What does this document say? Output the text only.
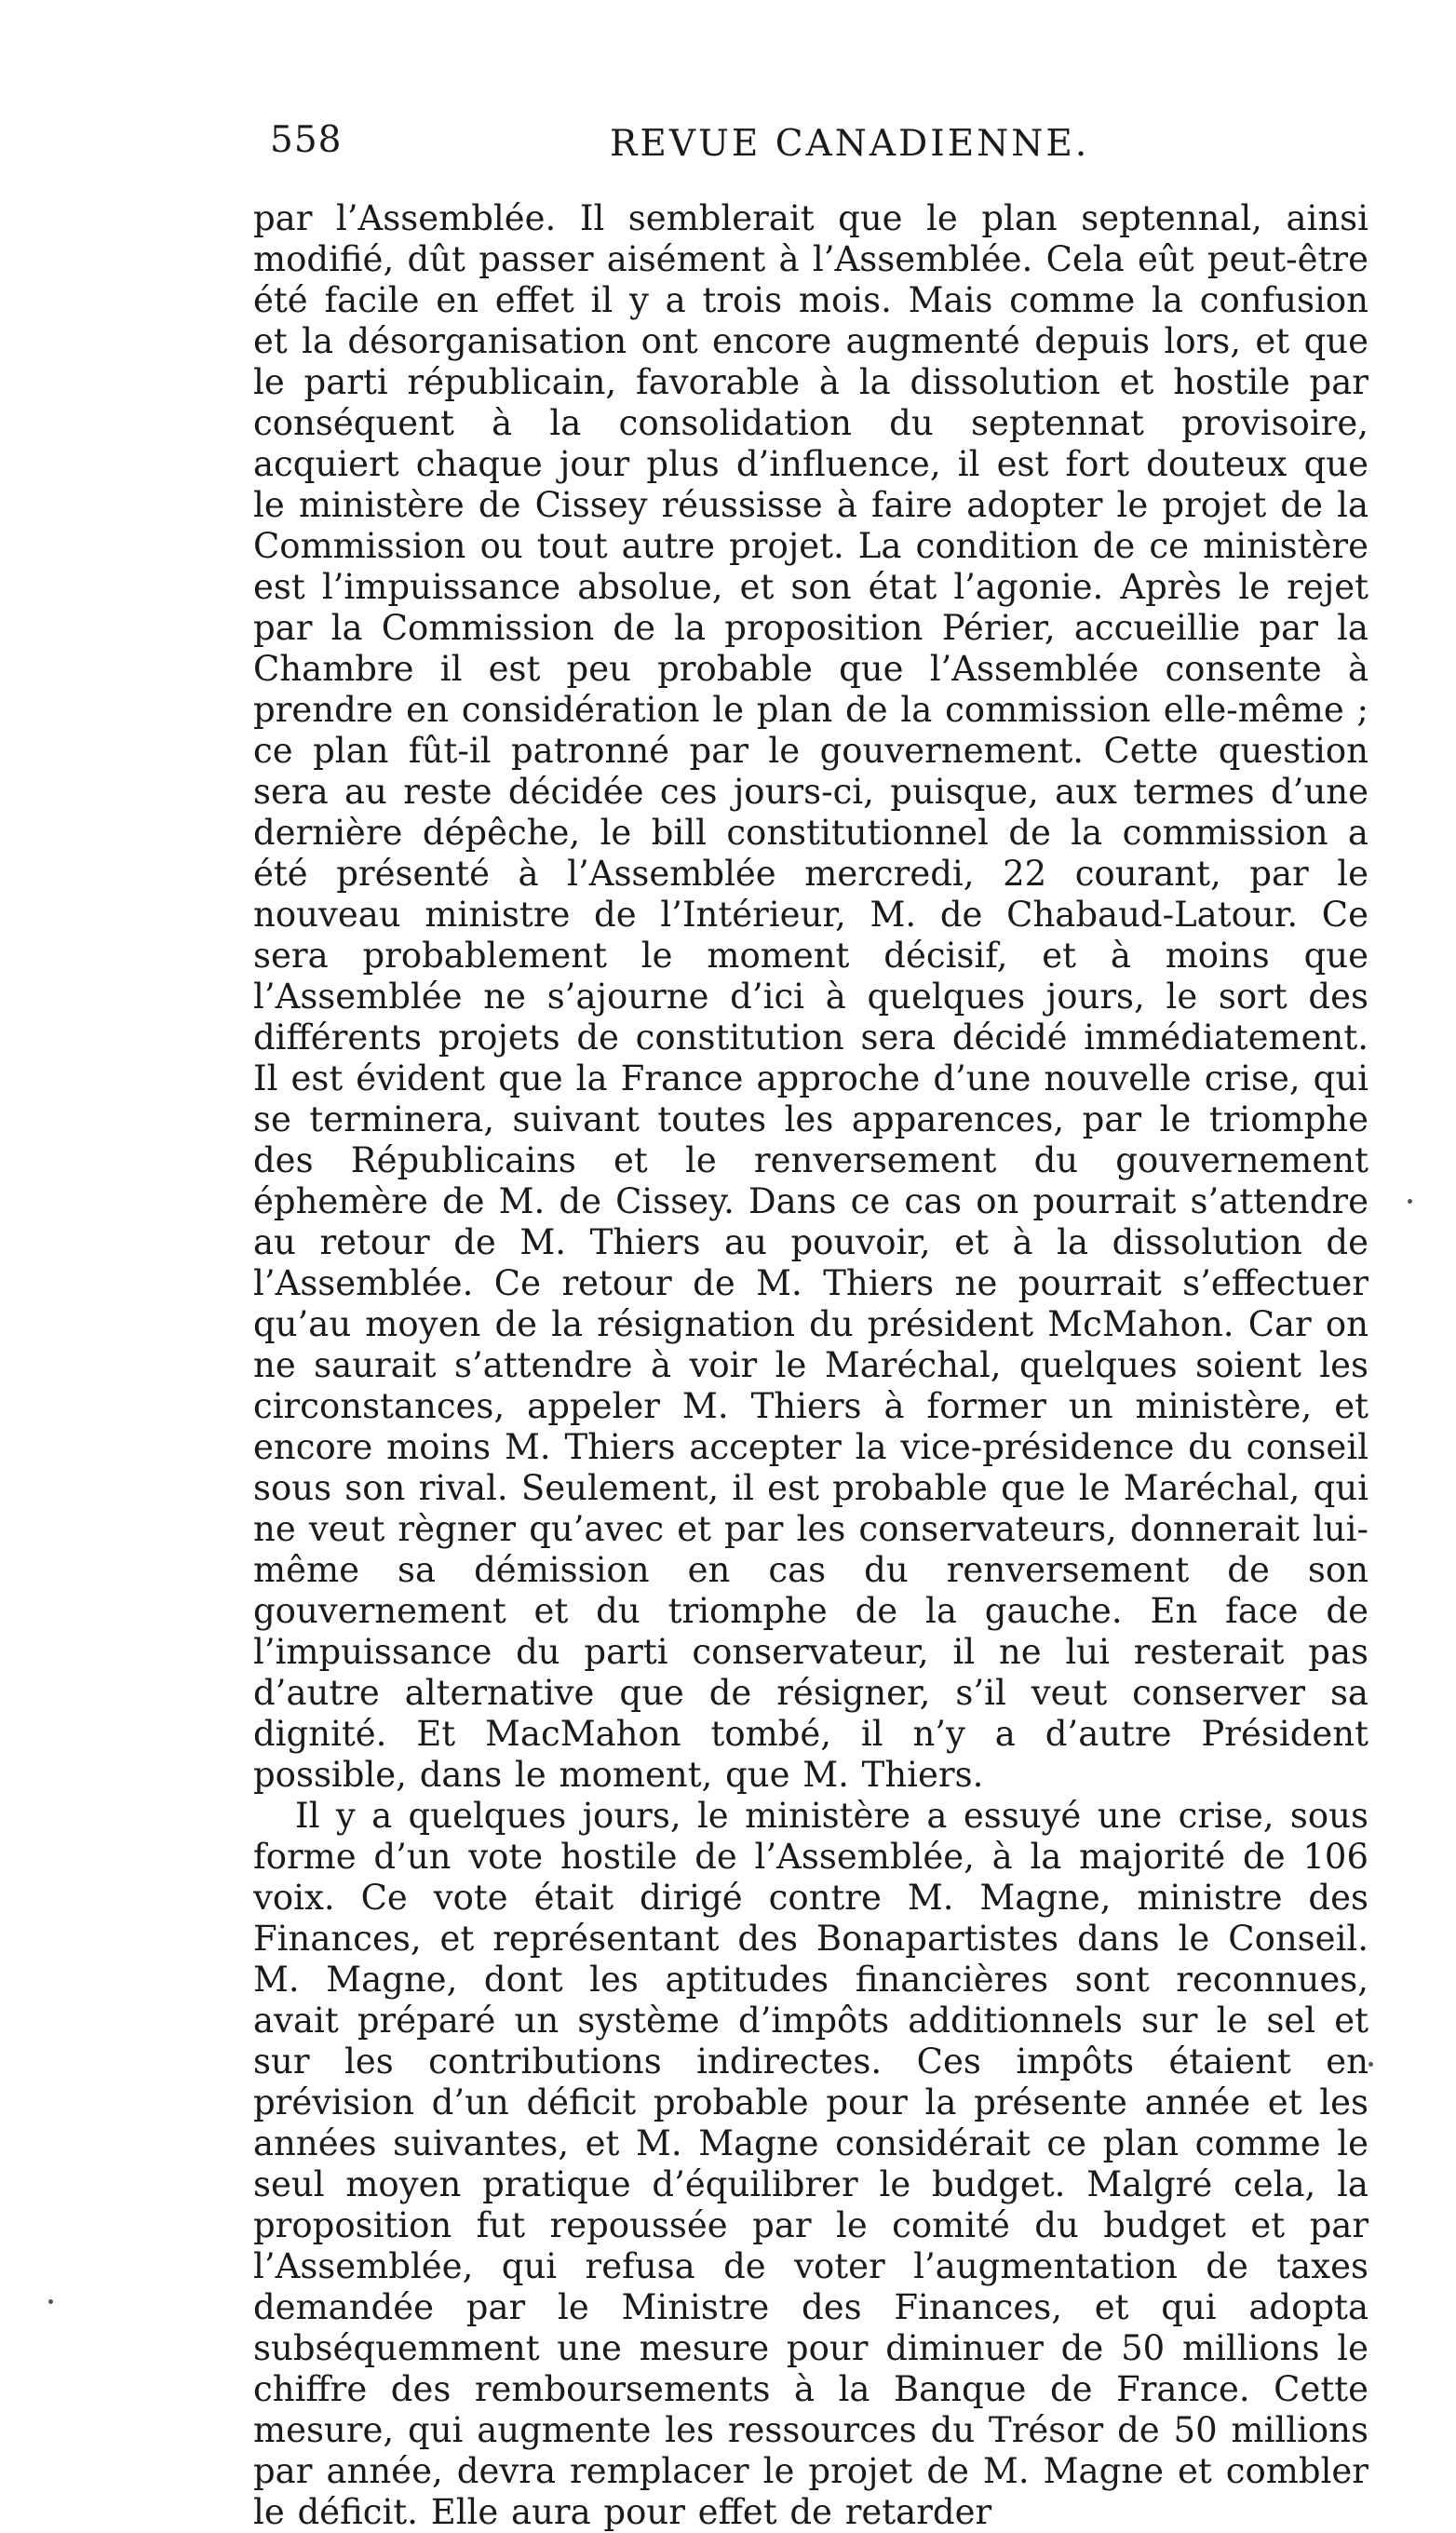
558	REVUE CANADIENNE.

par l’Assemblée. Il semblerait que le plan septennal, ainsi modifié, dût passer aisément à l’Assemblée. Cela eût peut-être été facile en effet il y a trois mois. Mais comme la confusion et la désorganisation ont encore augmenté depuis lors, et que le parti républicain, favorable à la dissolution et hostile par conséquent à la consolidation du septennat provisoire, acquiert chaque jour plus d’influence, il est fort douteux que le ministère de Cissey réussisse à faire adopter le projet de la Commission ou tout autre projet. La condition de ce ministère est l’impuissance absolue, et son état l’agonie. Après le rejet par la Commission de la proposition Périer, accueillie par la Chambre il est peu probable que l’Assemblée consente à prendre en considération le plan de la commission elle-même ; ce plan fût-il patronné par le gouvernement. Cette question sera au reste décidée ces jours-ci, puisque, aux termes d’une dernière dépêche, le bill constitutionnel de la commission a été présenté à l’Assemblée mercredi, 22 courant, par le nouveau ministre de l’Intérieur, M. de Chabaud-Latour. Ce sera probablement le moment décisif, et à moins que l’Assemblée ne s’ajourne d’ici à quelques jours, le sort des différents projets de constitution sera décidé immédiatement. Il est évident que la France approche d’une nouvelle crise, qui se terminera, suivant toutes les apparences, par le triomphe des Républicains et le renversement du gouvernement éphemère de M. de Cissey. Dans ce cas on pourrait s’attendre au retour de M. Thiers au pouvoir, et à la dissolution de l’Assemblée. Ce retour de M. Thiers ne pourrait s’effectuer qu’au moyen de la résignation du président McMahon. Car on ne saurait s’attendre à voir le Maréchal, quelques soient les circonstances, appeler M. Thiers à former un ministère, et encore moins M. Thiers accepter la vice-présidence du conseil sous son rival. Seulement, il est probable que le Maréchal, qui ne veut règner qu’avec et par les conservateurs, donnerait lui-même sa démission en cas du renversement de son gouvernement et du triomphe de la gauche. En face de l’impuissance du parti conservateur, il ne lui resterait pas d’autre alternative que de résigner, s’il veut conserver sa dignité. Et MacMahon tombé, il n’y a d’autre Président possible, dans le moment, que M. Thiers.

Il y a quelques jours, le ministère a essuyé une crise, sous forme d’un vote hostile de l’Assemblée, à la majorité de 106 voix. Ce vote était dirigé contre M. Magne, ministre des Finances, et représentant des Bonapartistes dans le Conseil. M. Magne, dont les aptitudes financières sont reconnues, avait préparé un système d’impôts additionnels sur le sel et sur les contributions indirectes. Ces impôts étaient en prévision d’un déficit probable pour la présente année et les années suivantes, et M. Magne considérait ce plan comme le seul moyen pratique d’équilibrer le budget. Malgré cela, la proposition fut repoussée par le comité du budget et par l’Assemblée, qui refusa de voter l’augmentation de taxes demandée par le Ministre des Finances, et qui adopta subséquemment une mesure pour diminuer de 50 millions le chiffre des remboursements à la Banque de France. Cette mesure, qui augmente les ressources du Trésor de 50 millions par année, devra remplacer le projet de M. Magne et combler le déficit. Elle aura pour effet de retarder
